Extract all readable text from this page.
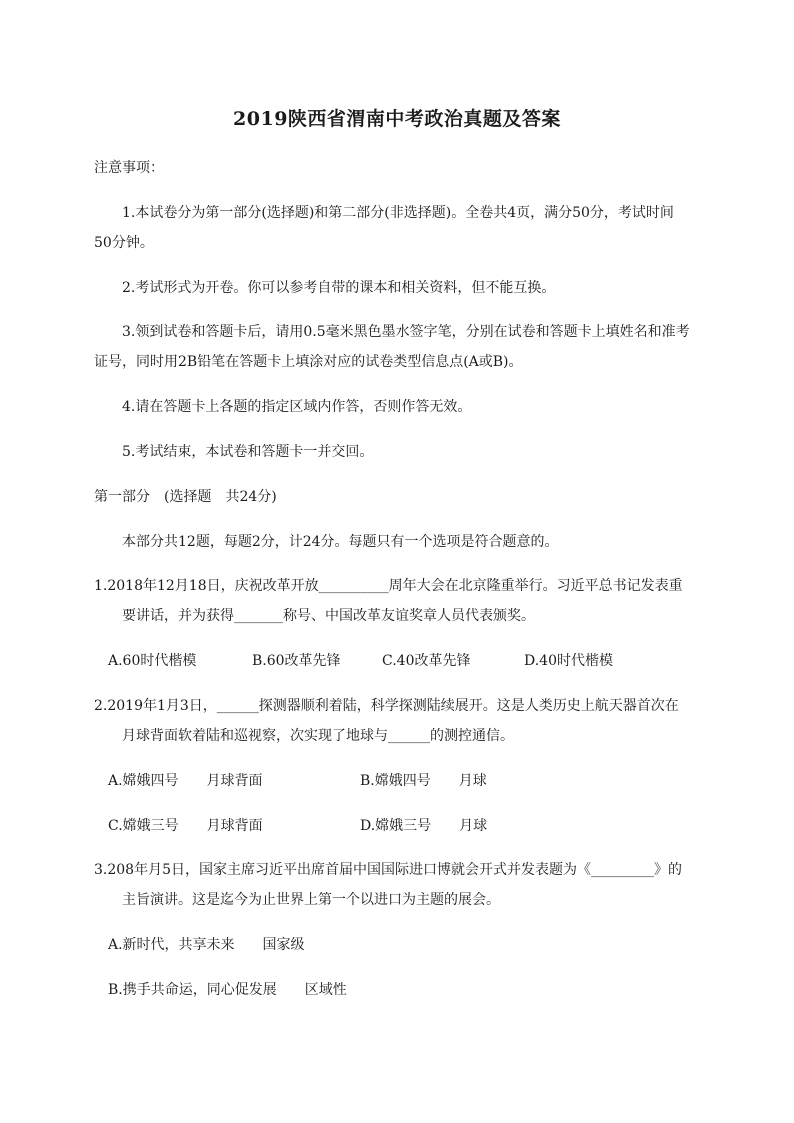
2019陕西省渭南中考政治真题及答案
注意事项：
1.本试卷分为第一部分(选择题)和第二部分(非选择题)。全卷共4页，满分50分，考试时间
50分钟。
2.考试形式为开卷。你可以参考自带的课本和相关资料，但不能互换。
3.领到试卷和答题卡后，请用0.5毫米黑色墨水签字笔，分别在试卷和答题卡上填姓名和准考
证号，同时用2B铅笔在答题卡上填涂对应的试卷类型信息点(A或B)。
4.请在答题卡上各题的指定区域内作答，否则作答无效。
5.考试结束，本试卷和答题卡一并交回。
第一部分　(选择题　共24分)
本部分共12题，每题2分，计24分。每题只有一个选项是符合题意的。
1.2018年12月18日，庆祝改革开放__________周年大会在北京隆重举行。习近平总书记发表重
要讲话，并为获得_______称号、中国改革友谊奖章人员代表颁奖。
A.60时代楷模	B.60改革先锋	C.40改革先锋	D.40时代楷模
2.2019年1月3日，______探测器顺利着陆，科学探测陆续展开。这是人类历史上航天器首次在
月球背面软着陆和巡视察，次实现了地球与______的测控通信。
A.嫦娥四号　　月球背面	B.嫦娥四号　　月球
C.嫦娥三号　　月球背面	D.嫦娥三号　　月球
3.208年月5日，国家主席习近平出席首届中国国际进口博就会开式并发表题为《_________》的
主旨演讲。这是迄今为止世界上第一个以进口为主题的展会。
A.新时代，共享未来　　国家级
B.携手共命运，同心促发展　　区域性
